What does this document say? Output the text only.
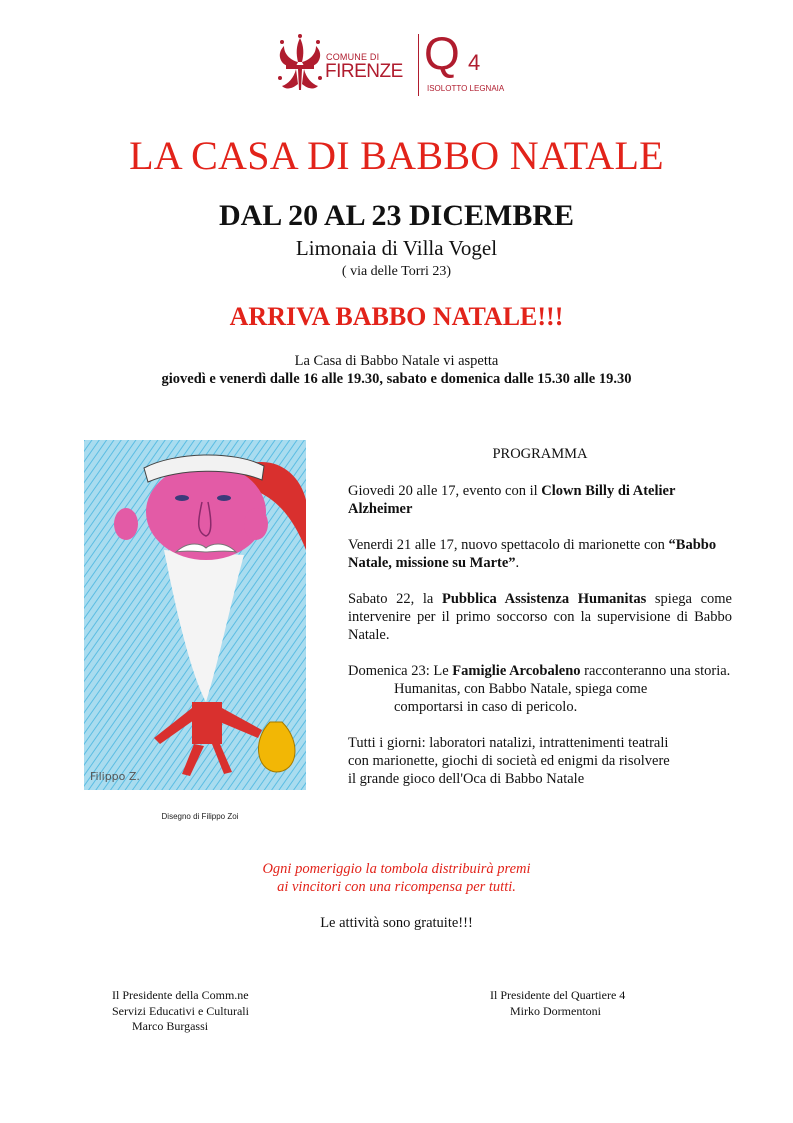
COMUNE DI
FIRENZE Q 4
ISOLOTTO LEGNAIA
LA CASA DI BABBO NATALE
DAL 20 AL 23 DICEMBRE
Limonaia di Villa Vogel
( via delle Torri 23)
ARRIVA BABBO NATALE!!!
La Casa di Babbo Natale vi aspetta
giovedì e venerdì dalle 16 alle 19.30, sabato e domenica dalle 15.30 alle 19.30
Filippo Z.
Disegno di Filippo Zoi
PROGRAMMA
Giovedi 20 alle 17, evento con il Clown Billy di Atelier Alzheimer
Venerdi 21 alle 17, nuovo spettacolo di marionette con “Babbo Natale, missione su Marte”.
Sabato 22, la Pubblica Assistenza Humanitas spiega come intervenire per il primo soccorso con la supervisione di Babbo Natale.
Domenica 23: Le Famiglie Arcobaleno racconteranno una storia.
Humanitas, con Babbo Natale, spiega come
comportarsi in caso di pericolo.
Tutti i giorni: laboratori natalizi, intrattenimenti teatrali
con marionette, giochi di società ed enigmi da risolvere
il grande gioco dell'Oca di Babbo Natale
Ogni pomeriggio la tombola distribuirà premi
ai vincitori con una ricompensa per tutti.
Le attività sono gratuite!!!
Il Presidente della Comm.ne
Servizi Educativi e Culturali
Marco Burgassi
Il Presidente del Quartiere 4
Mirko Dormentoni
